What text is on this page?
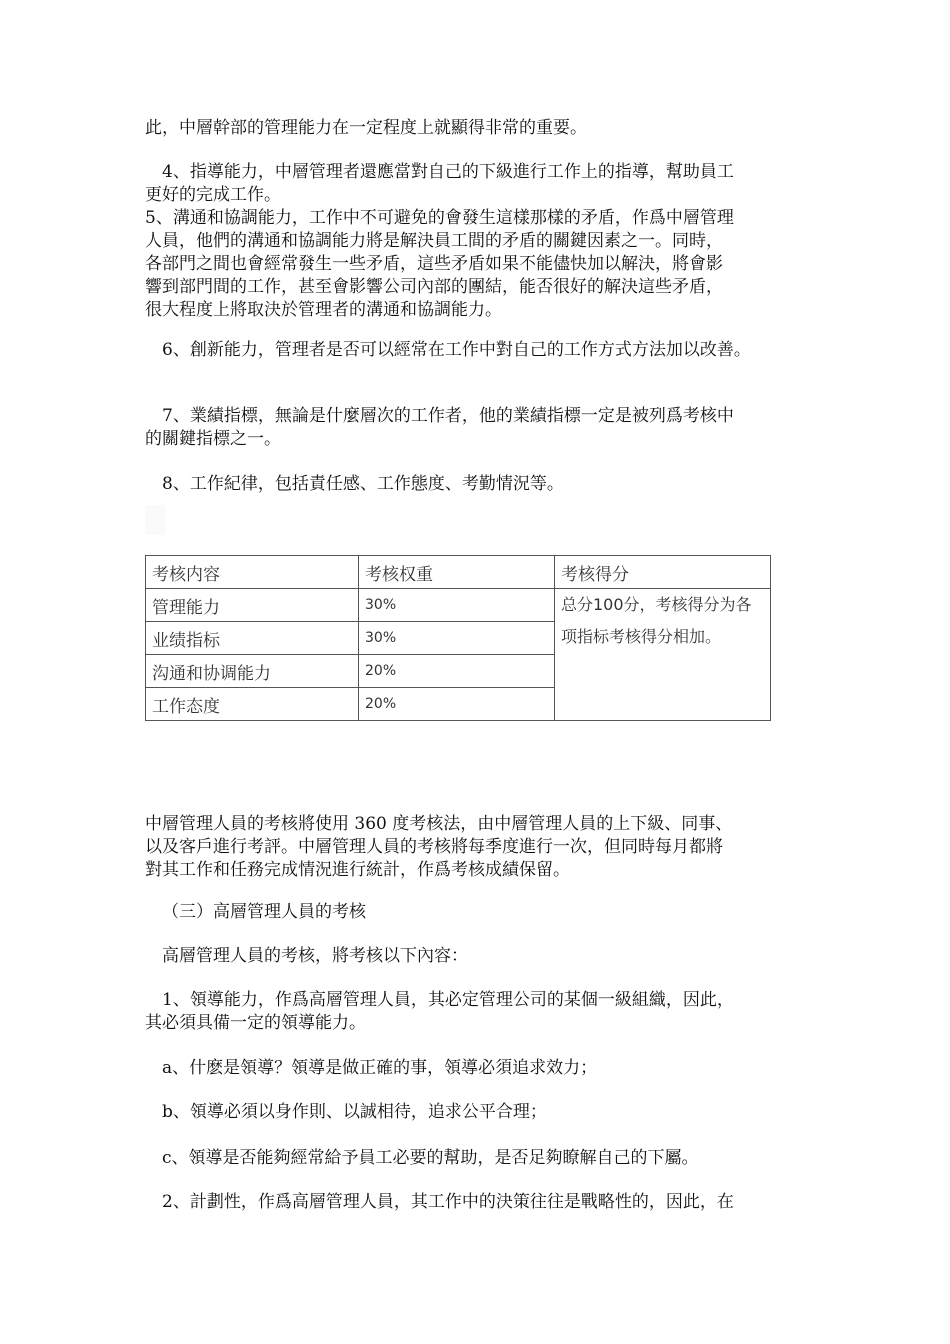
此，中層幹部的管理能力在一定程度上就顯得非常的重要。

4、指導能力，中層管理者還應當對自己的下級進行工作上的指導，幫助員工
更好的完成工作。

5、溝通和協調能力，工作中不可避免的會發生這樣那樣的矛盾，作爲中層管理
人員，他們的溝通和協調能力將是解決員工間的矛盾的關鍵因素之一。同時，
各部門之間也會經常發生一些矛盾，這些矛盾如果不能儘快加以解決，將會影
響到部門間的工作，甚至會影響公司內部的團結，能否很好的解決這些矛盾，
很大程度上將取決於管理者的溝通和協調能力。

6、創新能力，管理者是否可以經常在工作中對自己的工作方式方法加以改善。

7、業績指標，無論是什麼層次的工作者，他的業績指標一定是被列爲考核中
的關鍵指標之一。

8、工作紀律，包括責任感、工作態度、考勤情況等。

考核内容	考核权重	考核得分
管理能力	30%	总分100分，考核得分为各
项指标考核得分相加。

业绩指标	30%	
沟通和协调能力	20%	
工作态度	20%	

中層管理人員的考核將使用 360 度考核法，由中層管理人員的上下級、同事、
以及客戶進行考評。中層管理人員的考核將每季度進行一次，但同時每月都將
對其工作和任務完成情況進行統計，作爲考核成績保留。

（三）高層管理人員的考核

高層管理人員的考核，將考核以下內容：

1、領導能力，作爲高層管理人員，其必定管理公司的某個一級組織，因此，
其必須具備一定的領導能力。

a、什麽是領導？領導是做正確的事，領導必須追求效力；

b、領導必須以身作則、以誠相待，追求公平合理；

c、領導是否能夠經常給予員工必要的幫助，是否足夠瞭解自己的下屬。

2、計劃性，作爲高層管理人員，其工作中的決策往往是戰略性的，因此，在
